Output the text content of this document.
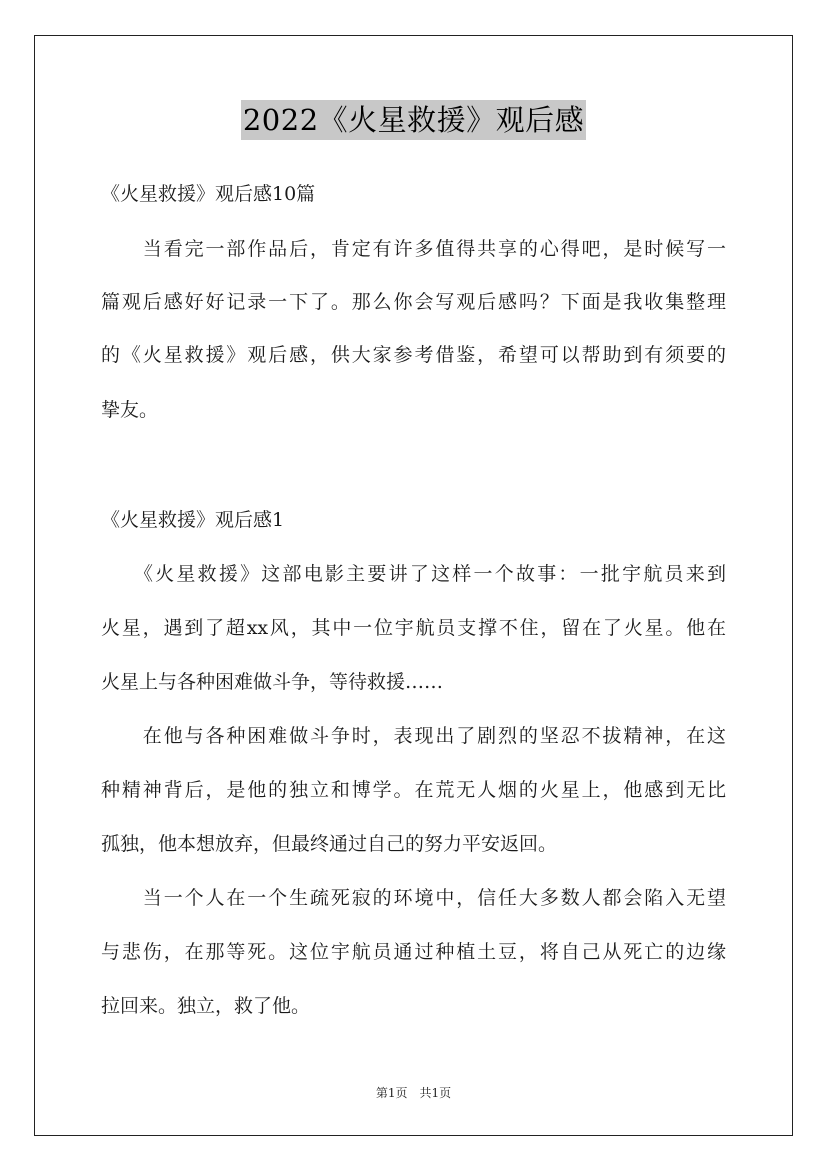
2022《火星救援》观后感
《火星救援》观后感10篇
　　当看完一部作品后，肯定有许多值得共享的心得吧，是时候写一
篇观后感好好记录一下了。那么你会写观后感吗？下面是我收集整理
的《火星救援》观后感，供大家参考借鉴，希望可以帮助到有须要的
挚友。
《火星救援》观后感1
　　《火星救援》这部电影主要讲了这样一个故事：一批宇航员来到
火星，遇到了超xx风，其中一位宇航员支撑不住，留在了火星。他在
火星上与各种困难做斗争，等待救援……
　　在他与各种困难做斗争时，表现出了剧烈的坚忍不拔精神，在这
种精神背后，是他的独立和博学。在荒无人烟的火星上，他感到无比
孤独，他本想放弃，但最终通过自己的努力平安返回。
　　当一个人在一个生疏死寂的环境中，信任大多数人都会陷入无望
与悲伤，在那等死。这位宇航员通过种植土豆，将自己从死亡的边缘
拉回来。独立，救了他。
第1页　共1页
